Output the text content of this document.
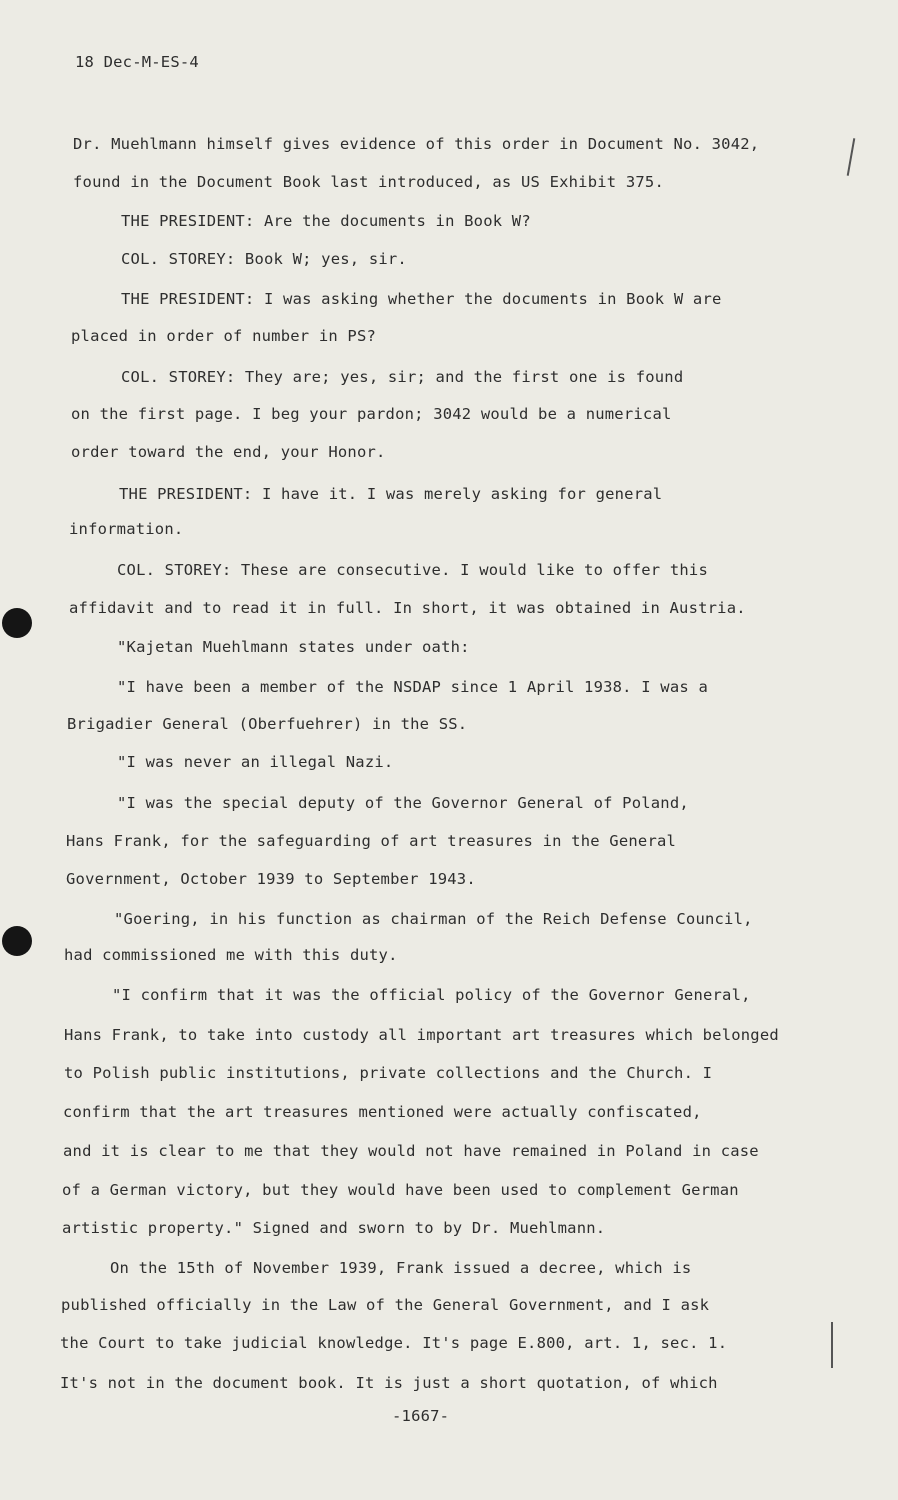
18 Dec-M-ES-4
Dr. Muehlmann himself gives evidence of this order in Document No. 3042,
found in the Document Book last introduced, as US Exhibit 375.
THE PRESIDENT: Are the documents in Book W?
COL. STOREY: Book W; yes, sir.
THE PRESIDENT: I was asking whether the documents in Book W are
placed in order of number in PS?
COL. STOREY: They are; yes, sir; and the first one is found
on the first page. I beg your pardon; 3042 would be a numerical
order toward the end, your Honor.
THE PRESIDENT: I have it. I was merely asking for general
information.
COL. STOREY: These are consecutive. I would like to offer this
affidavit and to read it in full. In short, it was obtained in Austria.
"Kajetan Muehlmann states under oath:
"I have been a member of the NSDAP since 1 April 1938. I was a
Brigadier General (Oberfuehrer) in the SS.
"I was never an illegal Nazi.
"I was the special deputy of the Governor General of Poland,
Hans Frank, for the safeguarding of art treasures in the General
Government, October 1939 to September 1943.
"Goering, in his function as chairman of the Reich Defense Council,
had commissioned me with this duty.
"I confirm that it was the official policy of the Governor General,
Hans Frank, to take into custody all important art treasures which belonged
to Polish public institutions, private collections and the Church. I
confirm that the art treasures mentioned were actually confiscated,
and it is clear to me that they would not have remained in Poland in case
of a German victory, but they would have been used to complement German
artistic property." Signed and sworn to by Dr. Muehlmann.
On the 15th of November 1939, Frank issued a decree, which is
published officially in the Law of the General Government, and I ask
the Court to take judicial knowledge. It's page E.800, art. 1, sec. 1.
It's not in the document book. It is just a short quotation, of which
-1667-
